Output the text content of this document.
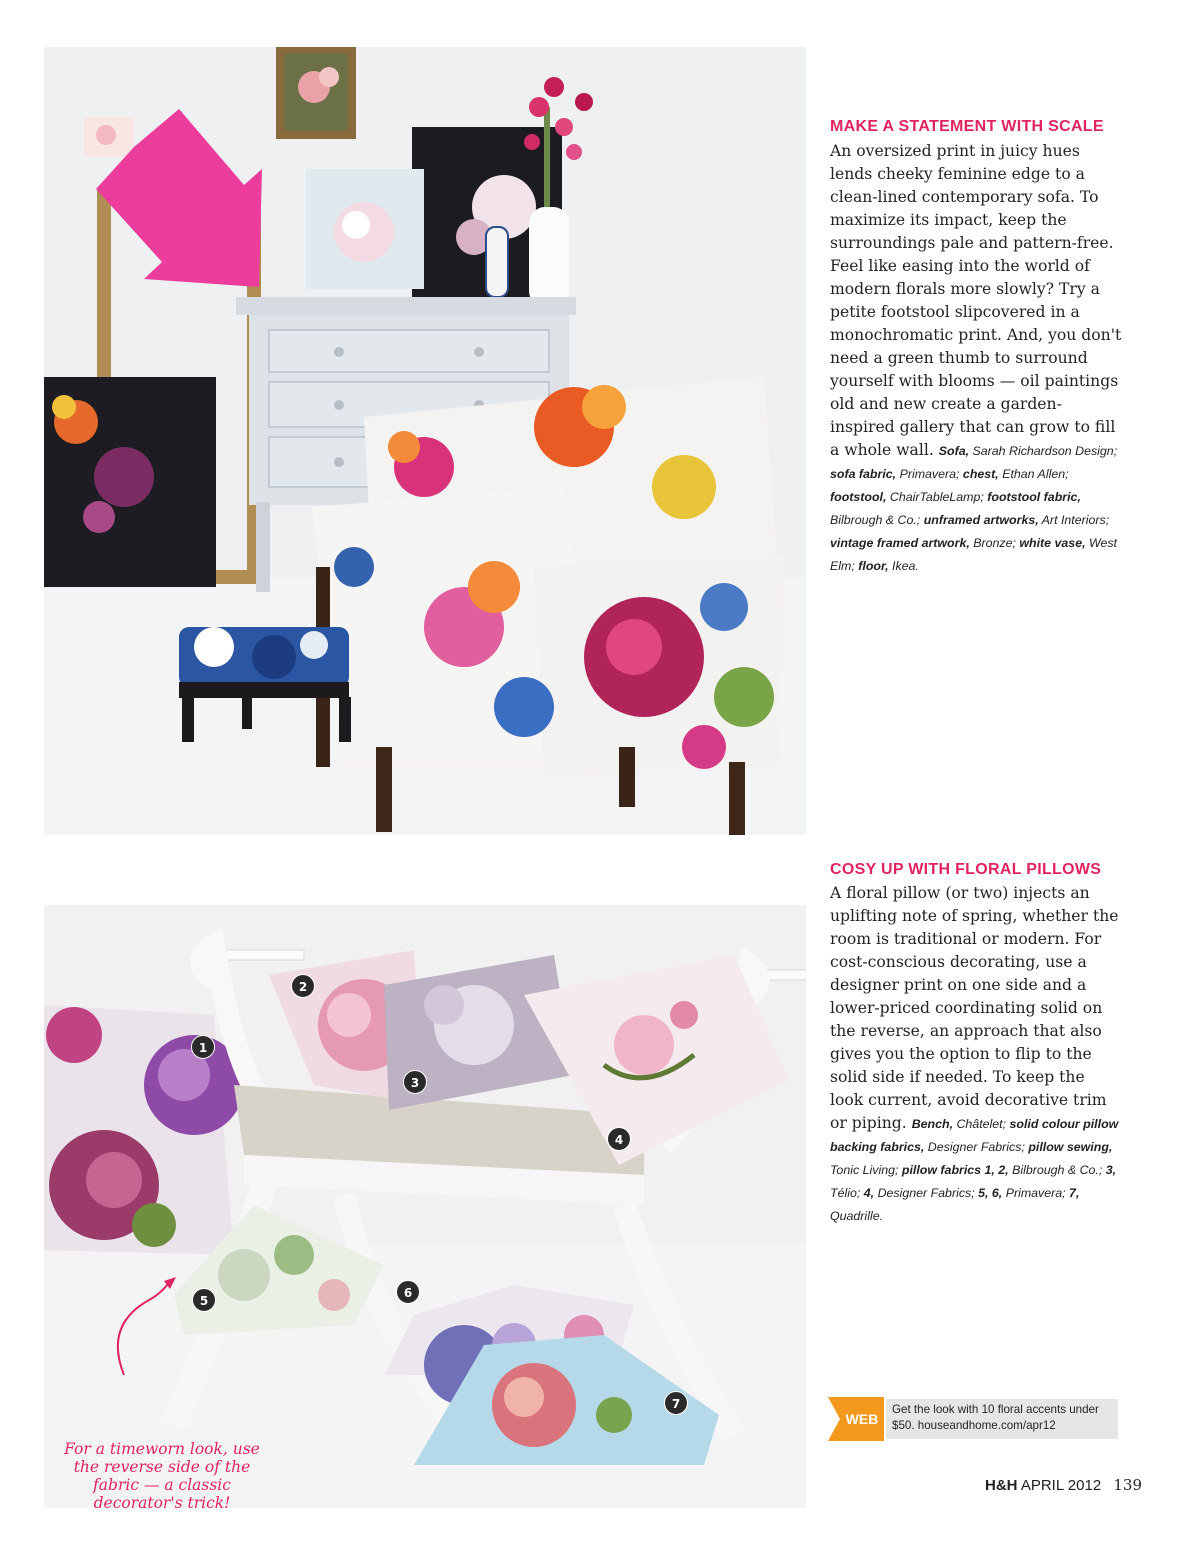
MAKE A STATEMENT WITH SCALE
An oversized print in juicy hues lends cheeky feminine edge to a clean-lined contemporary sofa. To maximize its impact, keep the surroundings pale and pattern-free. Feel like easing into the world of modern florals more slowly? Try a petite footstool slipcovered in a monochromatic print. And, you don't need a green thumb to surround yourself with blooms — oil paintings old and new create a garden-inspired gallery that can grow to fill a whole wall. Sofa, Sarah Richardson Design; sofa fabric, Primavera; chest, Ethan Allen; footstool, ChairTableLamp; footstool fabric, Bilbrough & Co.; unframed artworks, Art Interiors; vintage framed artwork, Bronze; white vase, West Elm; floor, Ikea.
1
2
3
4
5
6
7
For a timeworn look, use the reverse side of the fabric — a classic decorator's trick!
COSY UP WITH FLORAL PILLOWS
A floral pillow (or two) injects an uplifting note of spring, whether the room is traditional or modern. For cost-conscious decorating, use a designer print on one side and a lower-priced coordinating solid on the reverse, an approach that also gives you the option to flip to the solid side if needed. To keep the look current, avoid decorative trim or piping. Bench, Châtelet; solid colour pillow backing fabrics, Designer Fabrics; pillow sewing, Tonic Living; pillow fabrics 1, 2, Bilbrough & Co.; 3, Télio; 4, Designer Fabrics; 5, 6, Primavera; 7, Quadrille.
WEB
Get the look with 10 floral accents under $50. houseandhome.com/apr12
H&H APRIL 2012 139
